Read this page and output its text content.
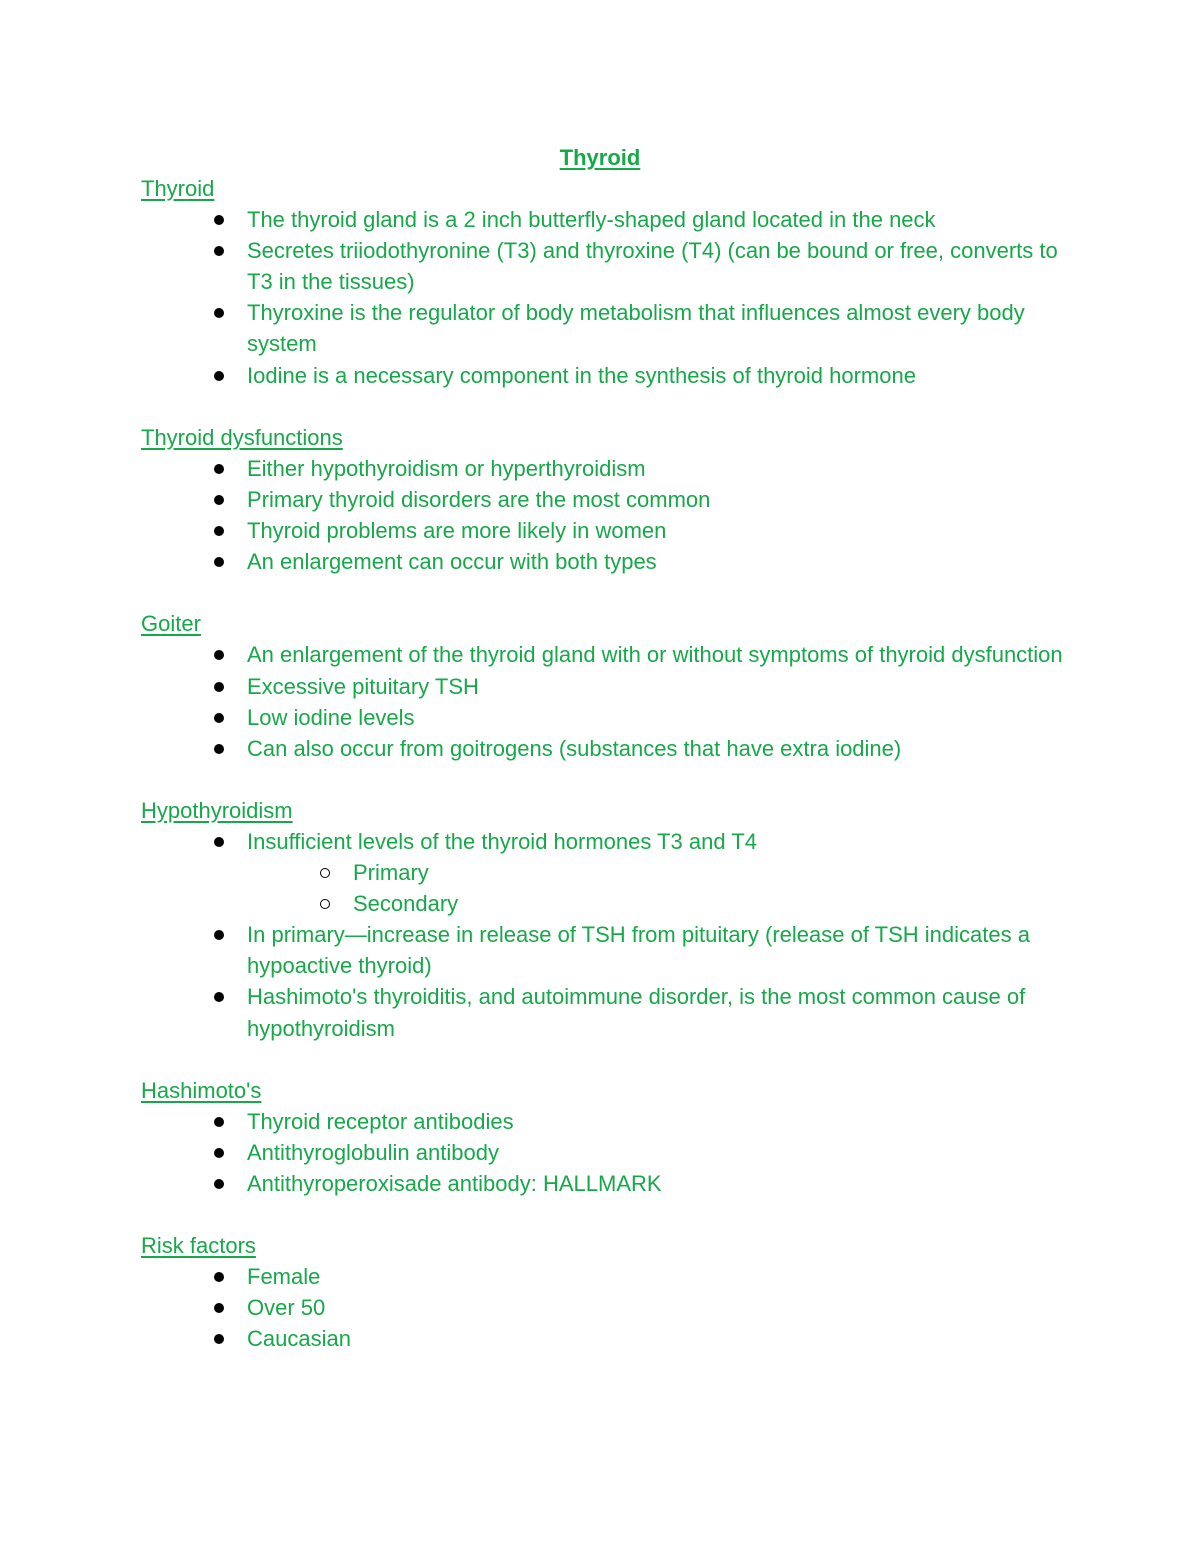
Thyroid
Thyroid
The thyroid gland is a 2 inch butterfly-shaped gland located in the neck
Secretes triiodothyronine (T3) and thyroxine (T4) (can be bound or free, converts to T3 in the tissues)
Thyroxine is the regulator of body metabolism that influences almost every body system
Iodine is a necessary component in the synthesis of thyroid hormone
Thyroid dysfunctions
Either hypothyroidism or hyperthyroidism
Primary thyroid disorders are the most common
Thyroid problems are more likely in women
An enlargement can occur with both types
Goiter
An enlargement of the thyroid gland with or without symptoms of thyroid dysfunction
Excessive pituitary TSH
Low iodine levels
Can also occur from goitrogens (substances that have extra iodine)
Hypothyroidism
Insufficient levels of the thyroid hormones T3 and T4
Primary
Secondary
In primary—increase in release of TSH from pituitary (release of TSH indicates a hypoactive thyroid)
Hashimoto's thyroiditis, and autoimmune disorder, is the most common cause of hypothyroidism
Hashimoto's
Thyroid receptor antibodies
Antithyroglobulin antibody
Antithyroperoxisade antibody: HALLMARK
Risk factors
Female
Over 50
Caucasian
